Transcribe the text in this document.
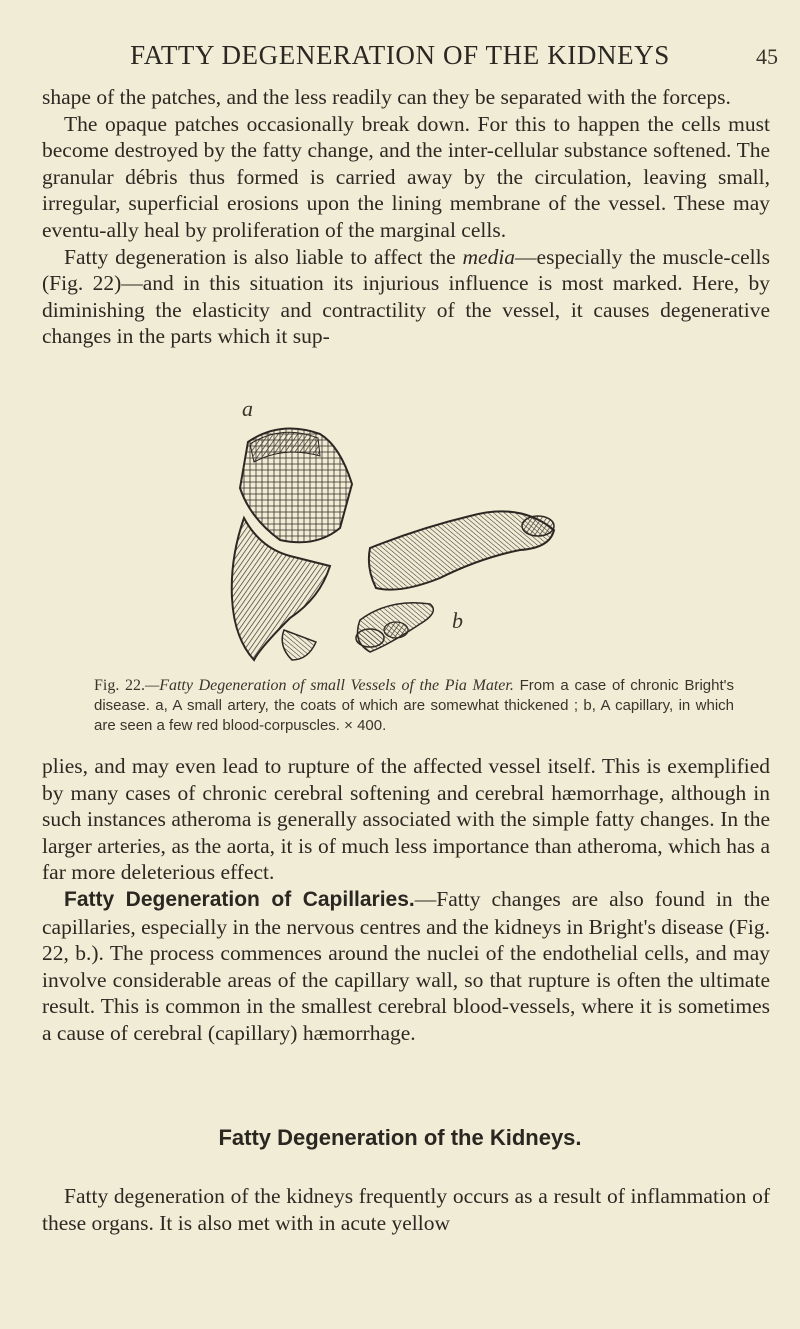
FATTY DEGENERATION OF THE KIDNEYS	45

shape of the patches, and the less readily can they be separated with the forceps.

The opaque patches occasionally break down. For this to happen the cells must become destroyed by the fatty change, and the inter-cellular substance softened. The granular débris thus formed is carried away by the circulation, leaving small, irregular, superficial erosions upon the lining membrane of the vessel. These may eventu-ally heal by proliferation of the marginal cells.

Fatty degeneration is also liable to affect the media—especially the muscle-cells (Fig. 22)—and in this situation its injurious influence is most marked. Here, by diminishing the elasticity and contractility of the vessel, it causes degenerative changes in the parts which it sup-

a
b
Fig. 22.—Fatty Degeneration of small Vessels of the Pia Mater. From a case of chronic Bright's disease. a, A small artery, the coats of which are somewhat thickened ; b, A capillary, in which are seen a few red blood-corpuscles. × 400.

plies, and may even lead to rupture of the affected vessel itself. This is exemplified by many cases of chronic cerebral softening and cerebral hæmorrhage, although in such instances atheroma is generally associated with the simple fatty changes. In the larger arteries, as the aorta, it is of much less importance than atheroma, which has a far more deleterious effect.

Fatty Degeneration of Capillaries.—Fatty changes are also found in the capillaries, especially in the nervous centres and the kidneys in Bright's disease (Fig. 22, b.). The process commences around the nuclei of the endothelial cells, and may involve considerable areas of the capillary wall, so that rupture is often the ultimate result. This is common in the smallest cerebral blood-vessels, where it is sometimes a cause of cerebral (capillary) hæmorrhage.

Fatty Degeneration of the Kidneys.

Fatty degeneration of the kidneys frequently occurs as a result of inflammation of these organs. It is also met with in acute yellow
